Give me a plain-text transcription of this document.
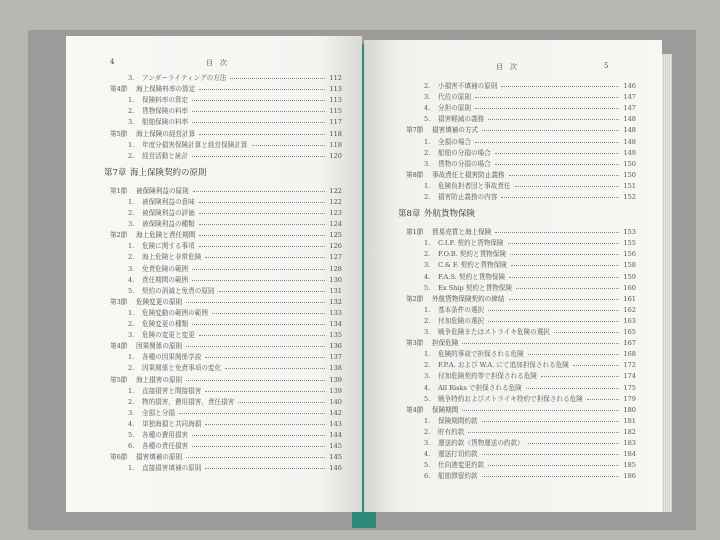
4	目　次
3. アンダーライティングの方法	112
第4節 海上保険料率の算定	113
1. 保険料率の算定	113
2. 貨物保険の料率	115
3. 船舶保険の料率	117
第5節 海上保険の経営計算	118
1. 年度分損害保険計算と経営保険計算	118
2. 経営活動と統計	120
第7章 海上保険契約の原則
第1節 被保険利益の原則	122
1. 被保険利益の意味	122
2. 被保険利益の評価	123
3. 被保険利益の種類	124
第2節 海上危険と責任期間	125
1. 危険に関する事項	126
2. 海上危険と非常危険	127
3. 免責危険の範囲	128
4. 責任期間の範囲	130
5. 契約の消滅と免責の原則	131
第3節 危険変更の原則	132
1. 危険変動の範囲の範囲	133
2. 危険変更の種類	134
3. 危険の変更と変更	135
第4節 因果関係の原則	136
1. 各種の因果関係学説	137
2. 因果関係と免責事項の変化	138
第5節 海上損害の原則	139
1. 直接損害と間接損害	139
2. 物的損害，費用損害，責任損害	140
3. 全損と分損	142
4. 単独海損と共同海損	143
5. 各種の費用損害	144
6. 各種の責任損害	145
第6節 損害填補の原則	145
1. 直接損害填補の原則	146
目　次	5
2. 小損害不填補の原則	146
3. 代位の原則	147
4. 分担の原則	147
5. 損害軽減の義務	148
第7節 損害填補の方式	148
1. 全損の場合	148
2. 船舶の分損の場合	149
3. 貨物の分損の場合	150
第8節 事故責任と損害防止義務	150
1. 危険負担者団と事故責任	151
2. 損害防止義務の内容	152
第8章 外航貨物保険
第1節 貿易売買と海上保険	153
1. C.I.F. 契約と貨物保険	155
2. F.O.B. 契約と貨物保険	156
3. C.& F. 契約と貨物保険	158
4. F.A.S. 契約と貨物保険	159
5. Ex Ship 契約と貨物保険	160
第2節 外航貨物保険契約の締結	161
1. 基本条件の選択	162
2. 付加危険の選択	163
3. 戦争危険またはストライキ危険の選択	165
第3節 担保危険	167
1. 危険的事故で担保される危険	168
2. F.P.A. および W.A. にて追加担保される危険	172
3. 付加危険契約等で担保される危険	174
4. All Risks で担保される危険	175
5. 戦争特約およびストライキ特約で担保される危険	179
第4節 保険期間	180
1. 保険期間約款	181
2. 貯有約款	182
3. 運送約款（貨物運送の約款）	183
4. 運送打切約款	184
5. 仕向港変更約款	185
6. 船舶滞留約款	186
